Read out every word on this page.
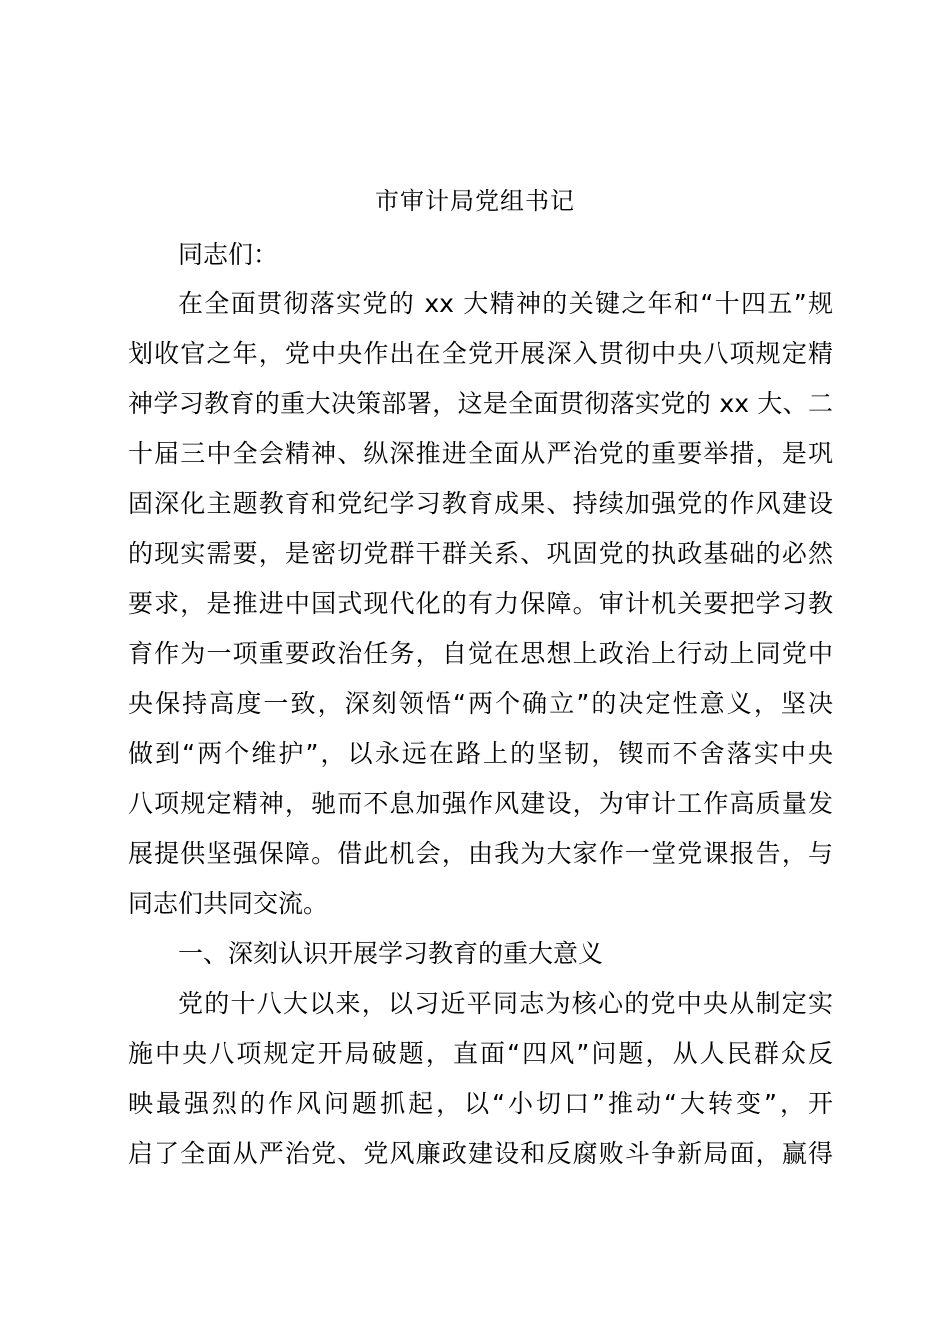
市审计局党组书记
同志们：
在全面贯彻落实党的 xx 大精神的关键之年和“十四五”规
划收官之年，党中央作出在全党开展深入贯彻中央八项规定精
神学习教育的重大决策部署，这是全面贯彻落实党的 xx 大、二
十届三中全会精神、纵深推进全面从严治党的重要举措，是巩
固深化主题教育和党纪学习教育成果、持续加强党的作风建设
的现实需要，是密切党群干群关系、巩固党的执政基础的必然
要求，是推进中国式现代化的有力保障。审计机关要把学习教
育作为一项重要政治任务，自觉在思想上政治上行动上同党中
央保持高度一致，深刻领悟“两个确立”的决定性意义，坚决
做到“两个维护”，以永远在路上的坚韧，锲而不舍落实中央
八项规定精神，驰而不息加强作风建设，为审计工作高质量发
展提供坚强保障。借此机会，由我为大家作一堂党课报告，与
同志们共同交流。
一、深刻认识开展学习教育的重大意义
党的十八大以来，以习近平同志为核心的党中央从制定实
施中央八项规定开局破题，直面“四风”问题，从人民群众反
映最强烈的作风问题抓起，以“小切口”推动“大转变”，开
启了全面从严治党、党风廉政建设和反腐败斗争新局面，赢得
